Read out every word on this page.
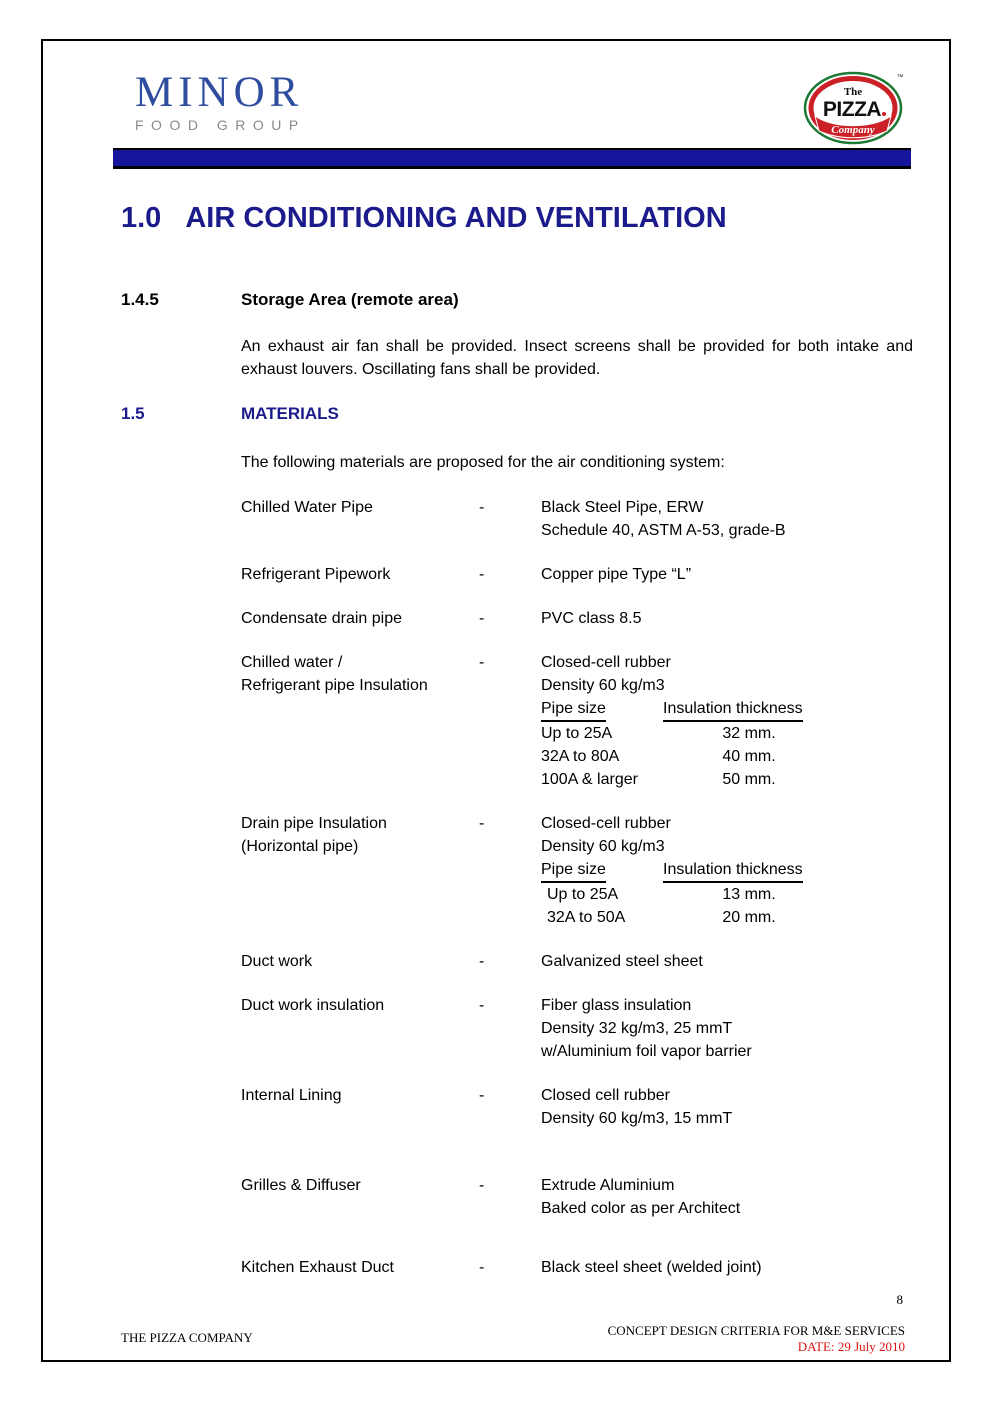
MINOR
FOOD GROUP
The
PIZZA
Company
™
1.0 AIR CONDITIONING AND VENTILATION
1.4.5	Storage Area (remote area)

An exhaust air fan shall be provided. Insect screens shall be provided for both intake and exhaust louvers. Oscillating fans shall be provided.

1.5	MATERIALS

The following materials are proposed for the air conditioning system:

Chilled Water Pipe	-	Black Steel Pipe, ERW
Schedule 40, ASTM A-53, grade-B
Refrigerant Pipework	-	Copper pipe Type “L”
Condensate drain pipe	-	PVC class 8.5
Chilled water /
Refrigerant pipe Insulation
-	Closed-cell rubber
Density 60 kg/m3
Pipe size	Insulation thickness
Up to 25A	32 mm.
32A to 80A	40 mm.
100A & larger	50 mm.
Drain pipe Insulation
(Horizontal pipe)
-	Closed-cell rubber
Density 60 kg/m3
Pipe size	Insulation thickness
Up to 25A	13 mm.
32A to 50A	20 mm.
Duct work	-	Galvanized steel sheet
Duct work insulation	-	Fiber glass insulation
Density 32 kg/m3, 25 mmT
w/Aluminium foil vapor barrier
Internal Lining	-	Closed cell rubber
Density 60 kg/m3, 15 mmT
Grilles & Diffuser	-	Extrude Aluminium
Baked color as per Architect
Kitchen Exhaust Duct	-	Black steel sheet (welded joint)
8
THE PIZZA COMPANY	CONCEPT DESIGN CRITERIA FOR M&E SERVICES
DATE: 29 July 2010
